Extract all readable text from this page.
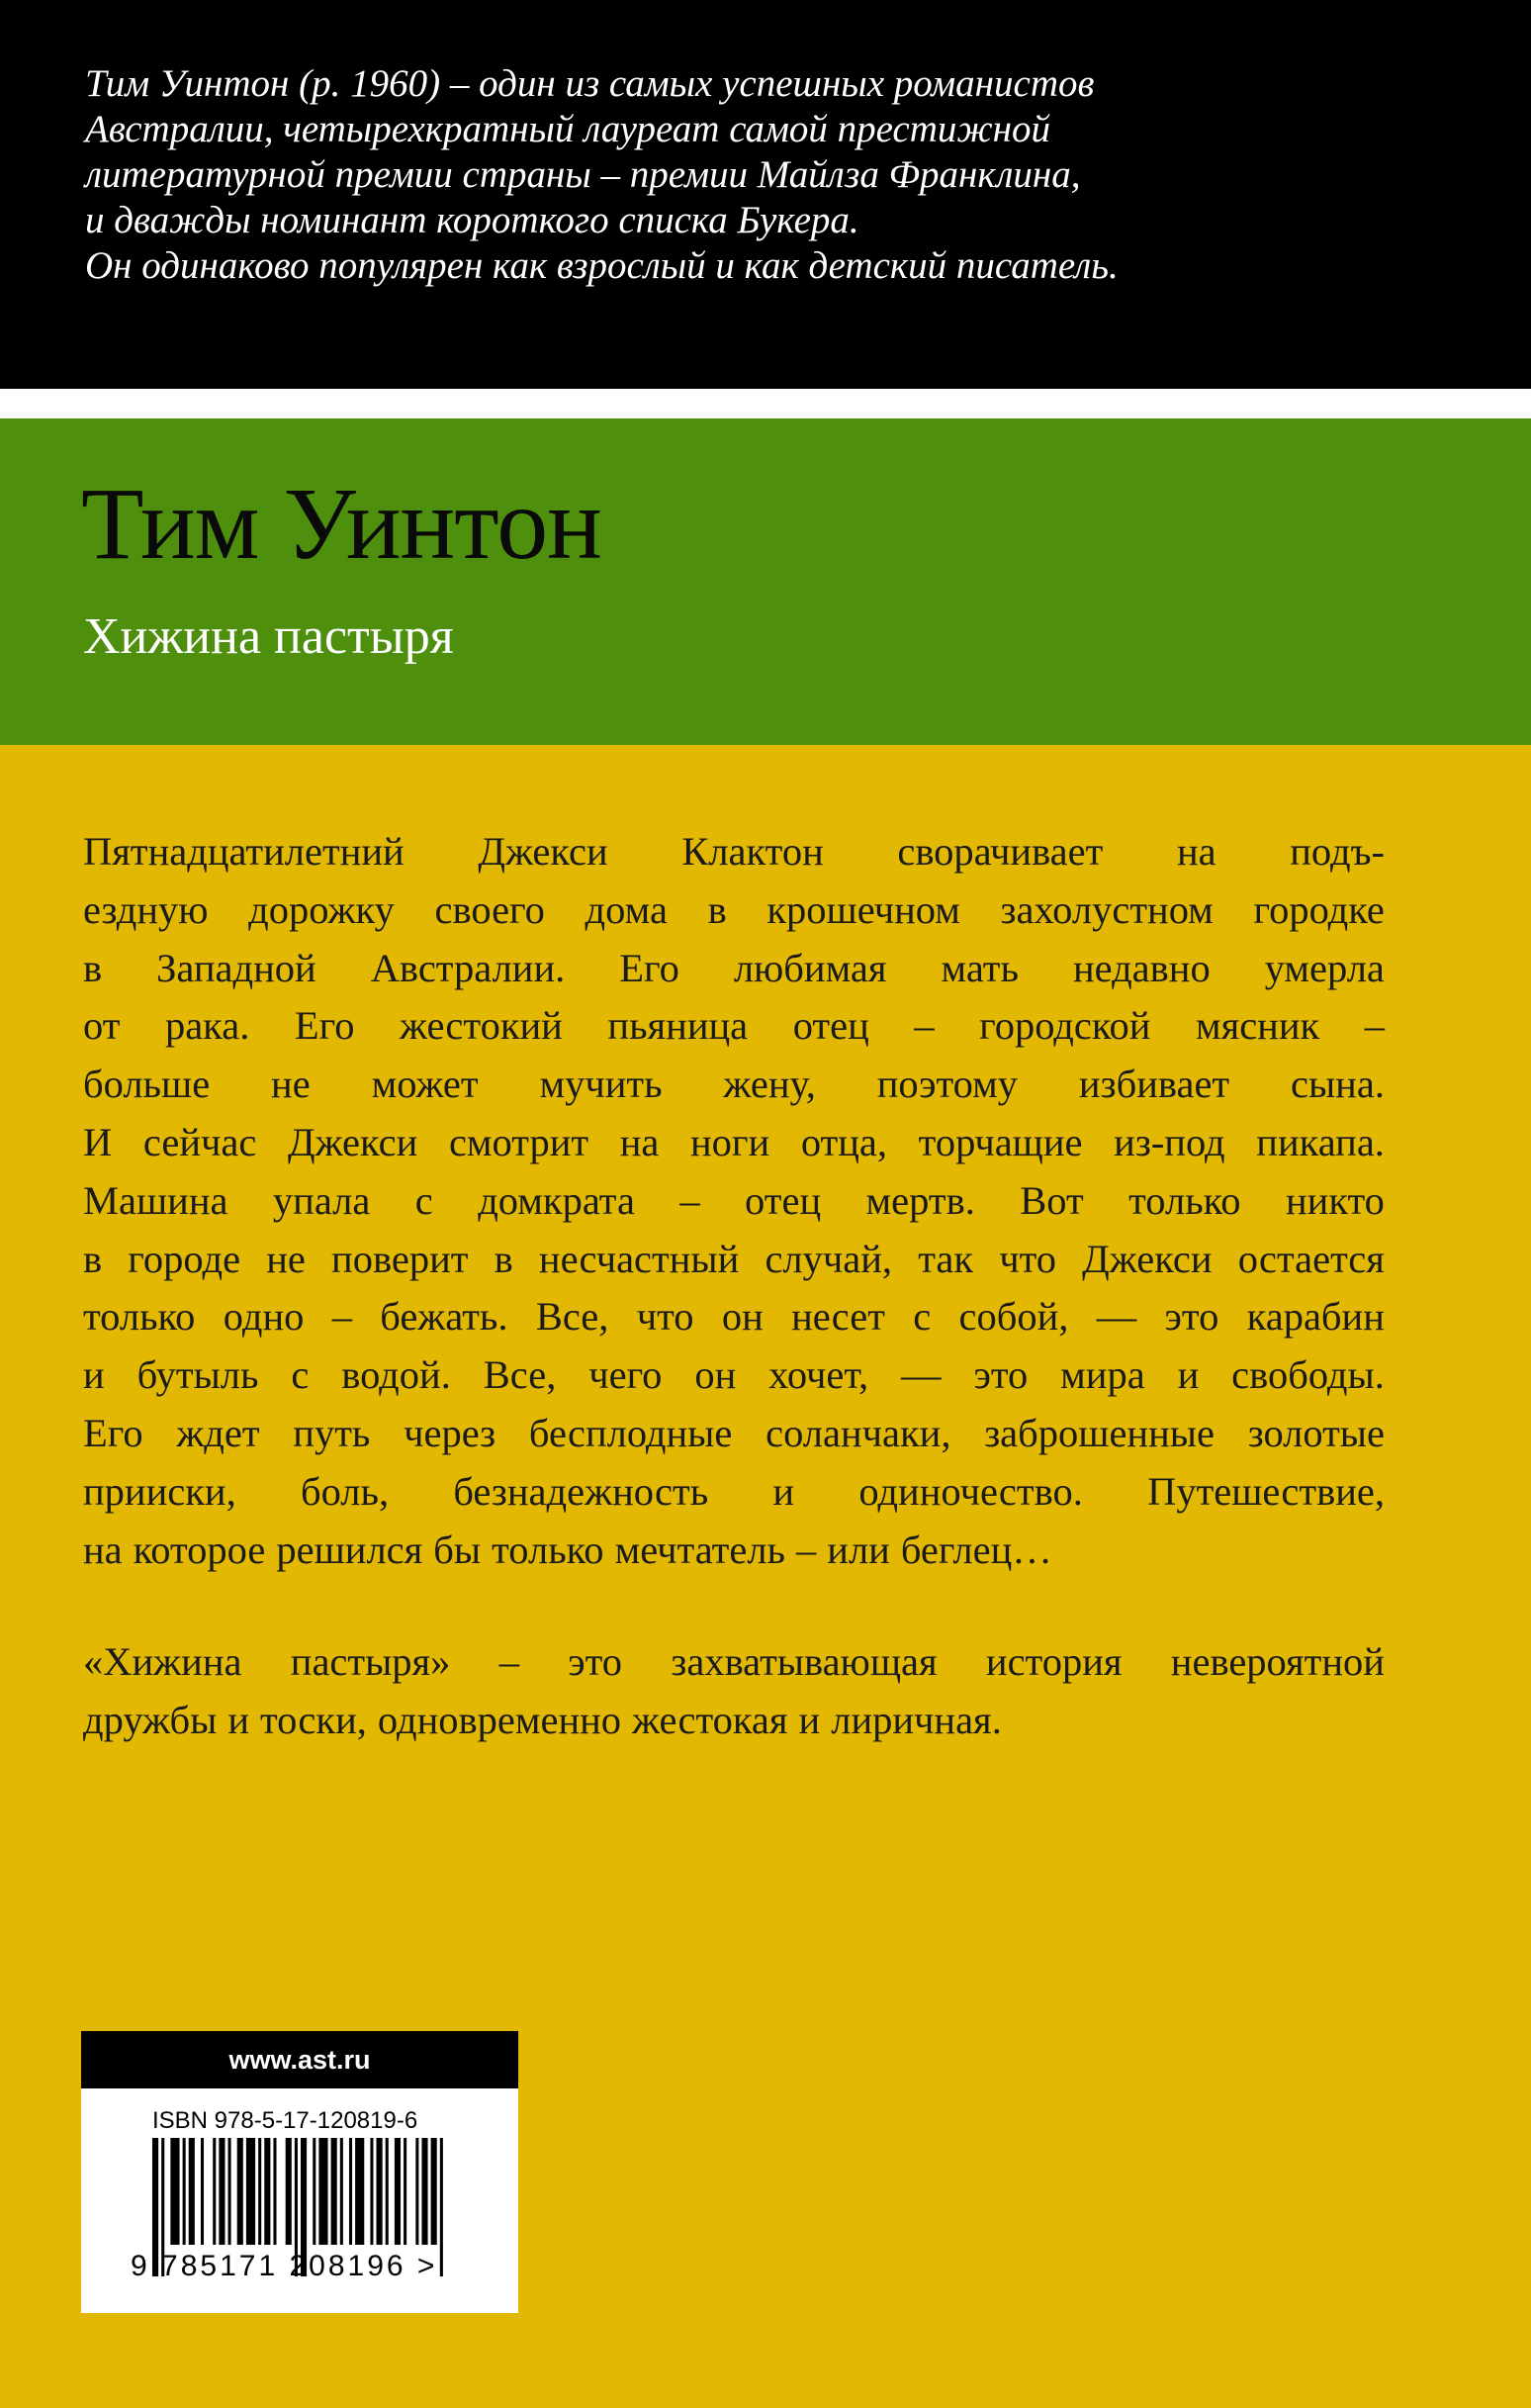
Тим Уинтон (р. 1960) – один из самых успешных романистов
Австралии, четырехкратный лауреат самой престижной
литературной премии страны – премии Майлза Франклина,
и дважды номинант короткого списка Букера.
Он одинаково популярен как взрослый и как детский писатель.
Тим Уинтон
Хижина пастыря
Пятнадцатилетний Джекси Клактон сворачивает на подъ-
ездную дорожку своего дома в крошечном захолустном городке
в Западной Австралии. Его любимая мать недавно умерла
от рака. Его жестокий пьяница отец – городской мясник –
больше не может мучить жену, поэтому избивает сына.
И сейчас Джекси смотрит на ноги отца, торчащие из-под пикапа.
Машина упала с домкрата – отец мертв. Вот только никто
в городе не поверит в несчастный случай, так что Джекси остается
только одно – бежать. Все, что он несет с собой, — это карабин
и бутыль с водой. Все, чего он хочет, — это мира и свободы.
Его ждет путь через бесплодные соланчаки, заброшенные золотые
прииски, боль, безнадежность и одиночество. Путешествие,
на которое решился бы только мечтатель – или беглец…
«Хижина пастыря» – это захватывающая история невероятной
дружбы и тоски, одновременно жестокая и лиричная.
www.ast.ru
ISBN 978-5-17-120819-6
9 785171 208196 >
